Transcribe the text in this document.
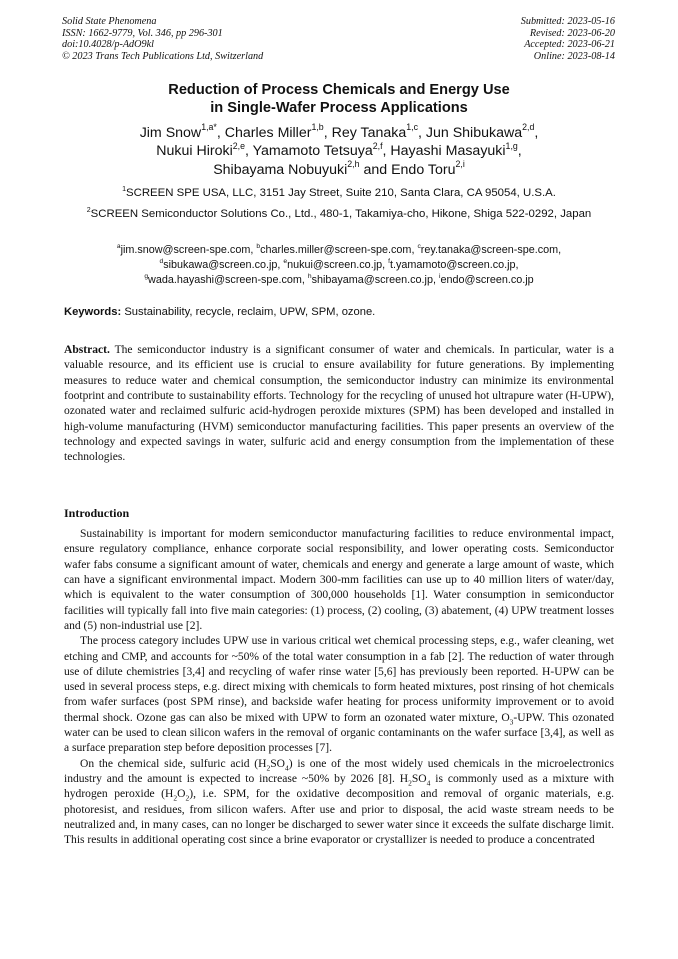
Solid State Phenomena
ISSN: 1662-9779, Vol. 346, pp 296-301
doi:10.4028/p-AdO9kl
© 2023 Trans Tech Publications Ltd, Switzerland
Submitted: 2023-05-16
Revised: 2023-06-20
Accepted: 2023-06-21
Online: 2023-08-14
Reduction of Process Chemicals and Energy Use
in Single-Wafer Process Applications
Jim Snow$^{1,a*}$, Charles Miller$^{1,b}$, Rey Tanaka$^{1,c}$, Jun Shibukawa$^{2,d}$,
Nukui Hiroki$^{2,e}$, Yamamoto Tetsuya$^{2,f}$, Hayashi Masayuki$^{1,g}$,
Shibayama Nobuyuki$^{2,h}$ and Endo Toru$^{2,i}$
$^1$SCREEN SPE USA, LLC, 3151 Jay Street, Suite 210, Santa Clara, CA 95054, U.S.A.
$^2$SCREEN Semiconductor Solutions Co., Ltd., 480-1, Takamiya-cho, Hikone, Shiga 522-0292, Japan
$^a$jim.snow@screen-spe.com, $^b$charles.miller@screen-spe.com, $^c$rey.tanaka@screen-spe.com,
$^d$sibukawa@screen.co.jp, $^e$nukui@screen.co.jp, $^f$t.yamamoto@screen.co.jp,
$^g$wada.hayashi@screen-spe.com, $^h$shibayama@screen.co.jp, $^i$endo@screen.co.jp
Keywords: Sustainability, recycle, reclaim, UPW, SPM, ozone.

Abstract. The semiconductor industry is a significant consumer of water and chemicals. In particular, water is a valuable resource, and its efficient use is crucial to ensure availability for future generations. By implementing measures to reduce water and chemical consumption, the semiconductor industry can minimize its environmental footprint and contribute to sustainability efforts. Technology for the recycling of unused hot ultrapure water (H-UPW), ozonated water and reclaimed sulfuric acid-hydrogen peroxide mixtures (SPM) has been developed and installed in high-volume manufacturing (HVM) semiconductor manufacturing facilities. This paper presents an overview of the technology and expected savings in water, sulfuric acid and energy consumption from the implementation of these technologies.

Introduction

Sustainability is important for modern semiconductor manufacturing facilities to reduce environmental impact, ensure regulatory compliance, enhance corporate social responsibility, and lower operating costs. Semiconductor wafer fabs consume a significant amount of water, chemicals and energy and generate a large amount of waste, which can have a significant environmental impact. Modern 300-mm facilities can use up to 40 million liters of water/day, which is equivalent to the water consumption of 300,000 households [1]. Water consumption in semiconductor facilities will typically fall into five main categories: (1) process, (2) cooling, (3) abatement, (4) UPW treatment losses and (5) non-industrial use [2].

The process category includes UPW use in various critical wet chemical processing steps, e.g., wafer cleaning, wet etching and CMP, and accounts for ~50% of the total water consumption in a fab [2]. The reduction of water through use of dilute chemistries [3,4] and recycling of wafer rinse water [5,6] has previously been reported. H-UPW can be used in several process steps, e.g. direct mixing with chemicals to form heated mixtures, post rinsing of hot chemicals from wafer surfaces (post SPM rinse), and backside wafer heating for process uniformity improvement or to avoid thermal shock. Ozone gas can also be mixed with UPW to form an ozonated water mixture, $O_3$-UPW. This ozonated water can be used to clean silicon wafers in the removal of organic contaminants on the wafer surface [3,4], as well as a surface preparation step before deposition processes [7].

On the chemical side, sulfuric acid $(H_2SO_4)$ is one of the most widely used chemicals in the microelectronics industry and the amount is expected to increase ~50% by 2026 [8]. $H_2SO_4$ is commonly used as a mixture with hydrogen peroxide $(H_2O_2)$, i.e. SPM, for the oxidative decomposition and removal of organic materials, e.g. photoresist, and residues, from silicon wafers. After use and prior to disposal, the acid waste stream needs to be neutralized and, in many cases, can no longer be discharged to sewer water since it exceeds the sulfate discharge limit. This results in additional operating cost since a brine evaporator or crystallizer is needed to produce a concentrated
